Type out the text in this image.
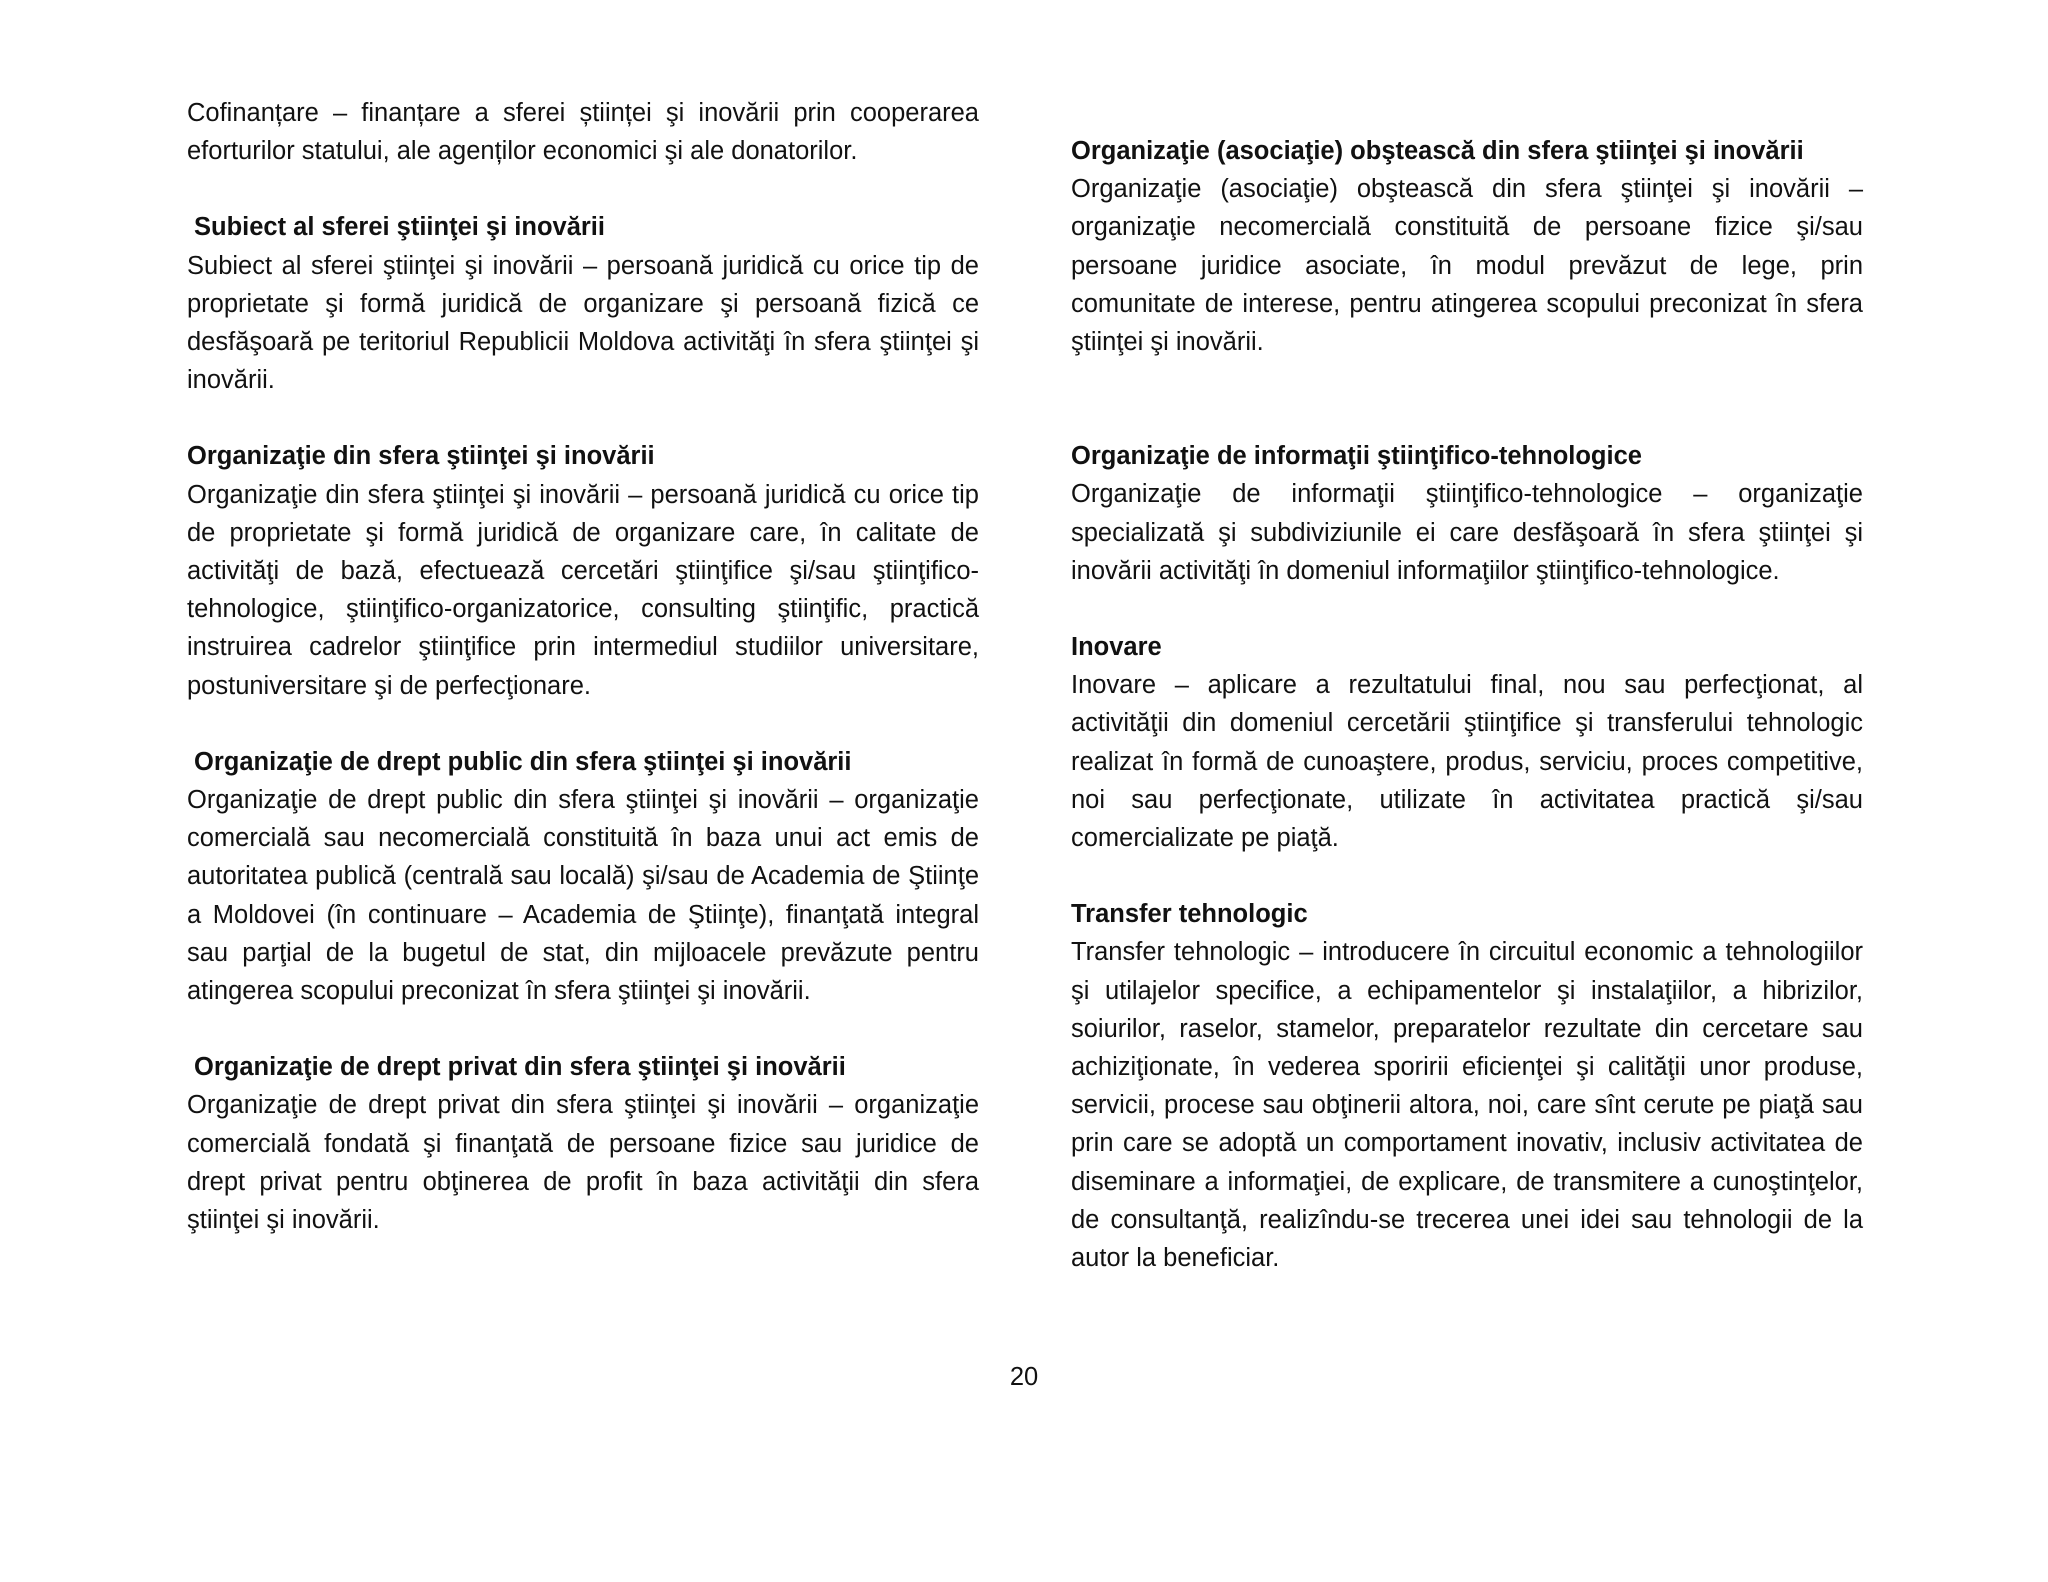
Cofinanțare – finanțare a sferei științei şi inovării prin cooperarea eforturilor statului, ale agenților economici şi ale donatorilor.

Subiect al sferei ştiinţei şi inovării

Subiect al sferei ştiinţei şi inovării – persoană juridică cu orice tip de proprietate şi formă juridică de organizare şi persoană fizică ce desfăşoară pe teritoriul Republicii Moldova activităţi în sfera ştiinţei şi inovării.

Organizaţie din sfera ştiinţei şi inovării

Organizaţie din sfera ştiinţei şi inovării – persoană juridică cu orice tip de proprietate şi formă juridică de organizare care, în calitate de activităţi de bază, efectuează cercetări ştiinţifice şi/sau ştiinţifico-tehnologice, ştiinţifico-organizatorice, consulting ştiinţific, practică instruirea cadrelor ştiinţifice prin intermediul studiilor universitare, postuniversitare şi de perfecţionare.

Organizaţie de drept public din sfera ştiinţei şi inovării

Organizaţie de drept public din sfera ştiinţei şi inovării – organizaţie comercială sau necomercială constituită în baza unui act emis de autoritatea publică (centrală sau locală) şi/sau de Academia de Ştiinţe a Moldovei (în continuare – Academia de Ştiinţe), finanţată integral sau parţial de la bugetul de stat, din mijloacele prevăzute pentru atingerea scopului preconizat în sfera ştiinţei şi inovării.

Organizaţie de drept privat din sfera ştiinţei şi inovării

Organizaţie de drept privat din sfera ştiinţei şi inovării – organizaţie comercială fondată şi finanţată de persoane fizice sau juridice de drept privat pentru obţinerea de profit în baza activităţii din sfera ştiinţei şi inovării.

Organizaţie (asociaţie) obştească din sfera ştiinţei şi inovării

Organizaţie (asociaţie) obştească din sfera ştiinţei şi inovării – organizaţie necomercială constituită de persoane fizice şi/sau persoane juridice asociate, în modul prevăzut de lege, prin comunitate de interese, pentru atingerea scopului preconizat în sfera ştiinţei şi inovării.

Organizaţie de informaţii ştiinţifico-tehnologice

Organizaţie de informaţii ştiinţifico-tehnologice – organizaţie specializată şi subdiviziunile ei care desfăşoară în sfera ştiinţei şi inovării activităţi în domeniul informaţiilor ştiinţifico-tehnologice.

Inovare

Inovare – aplicare a rezultatului final, nou sau perfecţionat, al activităţii din domeniul cercetării ştiinţifice şi transferului tehnologic realizat în formă de cunoaştere, produs, serviciu, proces competitive, noi sau perfecţionate, utilizate în activitatea practică şi/sau comercializate pe piaţă.

Transfer tehnologic

Transfer tehnologic – introducere în circuitul economic a tehnologiilor şi utilajelor specifice, a echipamentelor şi instalaţiilor, a hibrizilor, soiurilor, raselor, stamelor, preparatelor rezultate din cercetare sau achiziţionate, în vederea sporirii eficienţei şi calităţii unor produse, servicii, procese sau obţinerii altora, noi, care sînt cerute pe piaţă sau prin care se adoptă un comportament inovativ, inclusiv activitatea de diseminare a informaţiei, de explicare, de transmitere a cunoştinţelor, de consultanţă, realizîndu-se trecerea unei idei sau tehnologii de la autor la beneficiar.

20
